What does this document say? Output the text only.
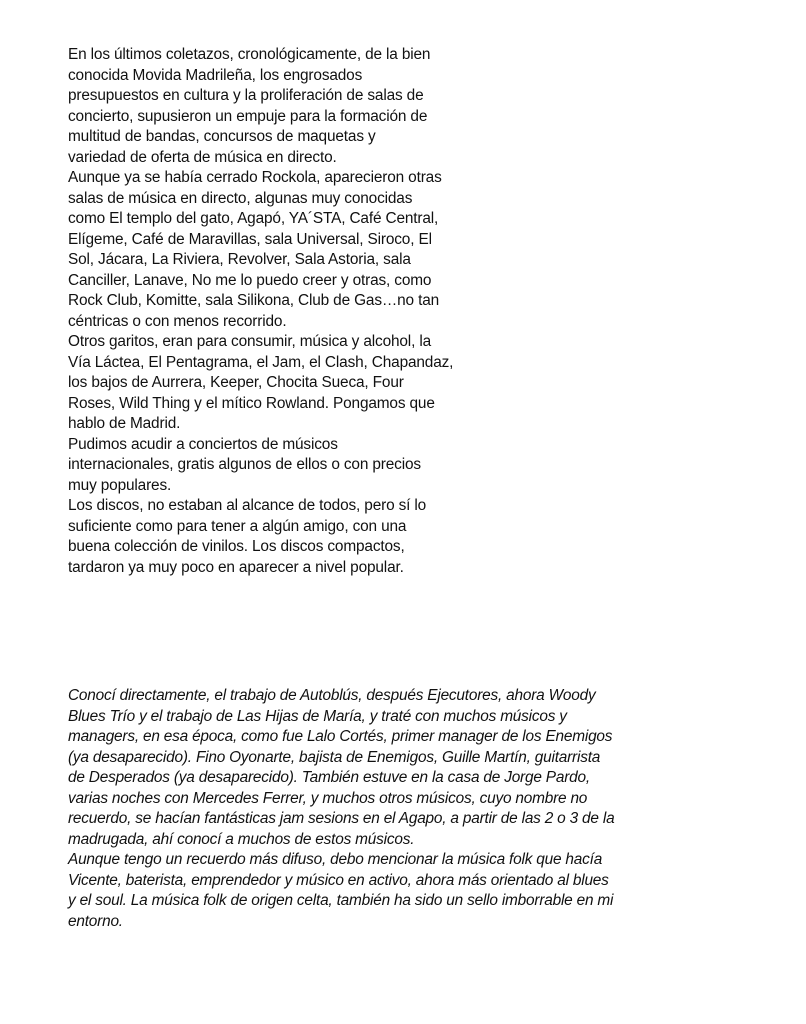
En los últimos coletazos, cronológicamente, de la bien
conocida Movida Madrileña, los engrosados
presupuestos en cultura y la proliferación de salas de
concierto, supusieron un empuje para la formación de
multitud de bandas, concursos de maquetas y
variedad de oferta de música en directo.
Aunque ya se había cerrado Rockola, aparecieron otras
salas de música en directo, algunas muy conocidas
como El templo del gato, Agapó, YA´STA, Café Central,
Elígeme, Café de Maravillas, sala Universal, Siroco, El
Sol, Jácara, La Riviera, Revolver, Sala Astoria, sala
Canciller, Lanave, No me lo puedo creer y otras, como
Rock Club, Komitte, sala Silikona, Club de Gas…no tan
céntricas o con menos recorrido.
Otros garitos, eran para consumir, música y alcohol, la
Vía Láctea, El Pentagrama, el Jam, el Clash, Chapandaz,
los bajos de Aurrera, Keeper, Chocita Sueca, Four
Roses, Wild Thing y el mítico Rowland. Pongamos que
hablo de Madrid.
Pudimos acudir a conciertos de músicos
internacionales, gratis algunos de ellos o con precios
muy populares.
Los discos, no estaban al alcance de todos, pero sí lo
suficiente como para tener a algún amigo, con una
buena colección de vinilos. Los discos compactos,
tardaron ya muy poco en aparecer a nivel popular.
Conocí directamente, el trabajo de Autoblús, después Ejecutores, ahora Woody
Blues Trío y el trabajo de Las Hijas de María, y traté con muchos músicos y
managers, en esa época, como fue Lalo Cortés, primer manager de los Enemigos
(ya desaparecido). Fino Oyonarte, bajista de Enemigos, Guille Martín, guitarrista
de Desperados (ya desaparecido). También estuve en la casa de Jorge Pardo,
varias noches con Mercedes Ferrer, y muchos otros músicos, cuyo nombre no
recuerdo, se hacían fantásticas jam sesions en el Agapo, a partir de las 2 o 3 de la
madrugada, ahí conocí a muchos de estos músicos.
Aunque tengo un recuerdo más difuso, debo mencionar la música folk que hacía
Vicente, baterista, emprendedor y músico en activo, ahora más orientado al blues
y el soul. La música folk de origen celta, también ha sido un sello imborrable en mi
entorno.
